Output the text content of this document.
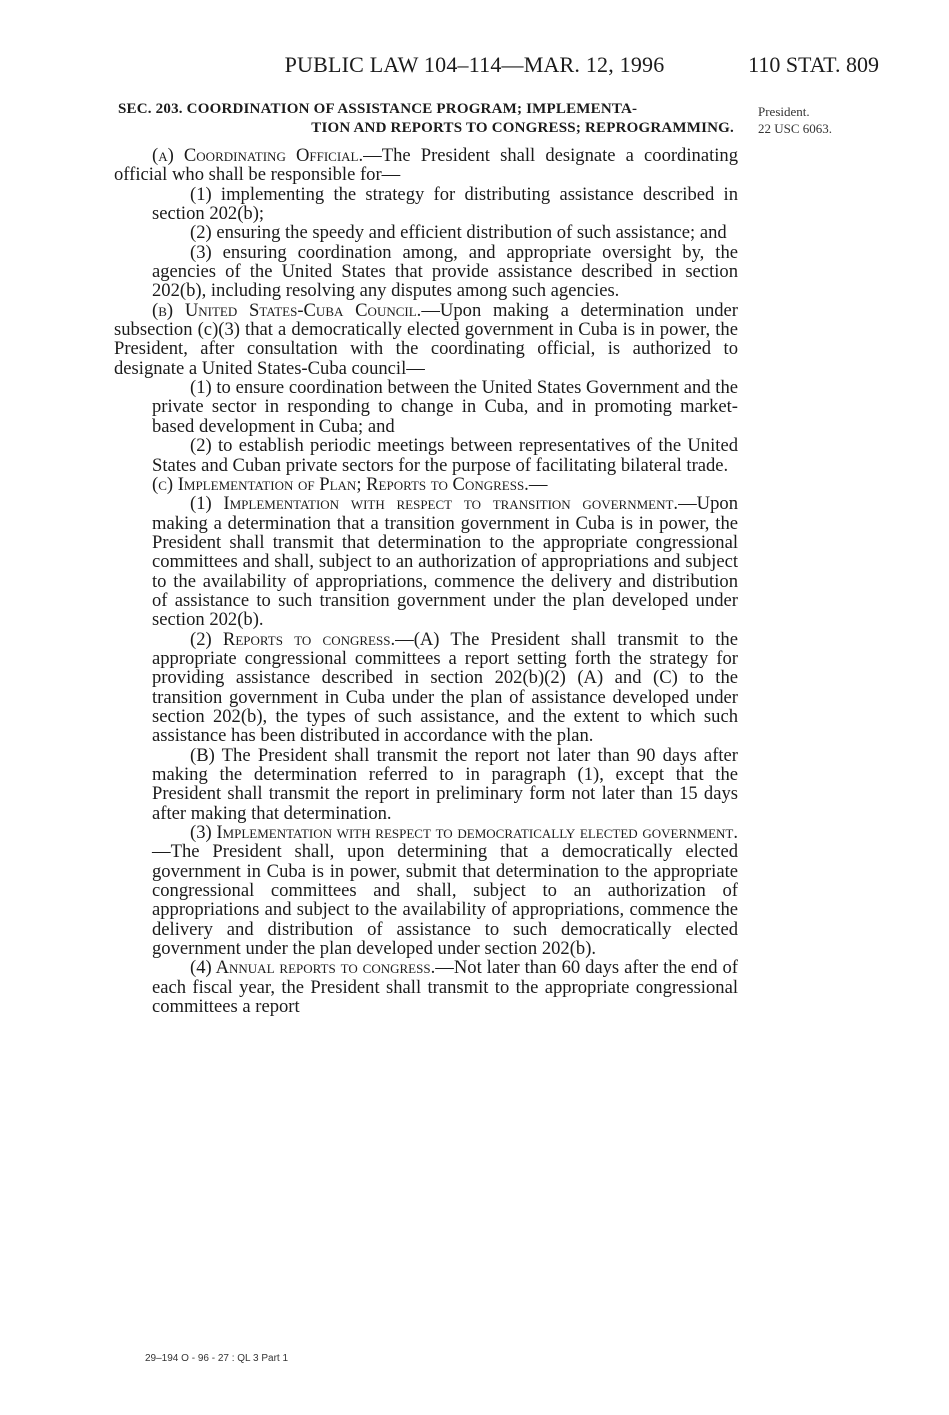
PUBLIC LAW 104–114—MAR. 12, 1996	110 STAT. 809
SEC. 203. COORDINATION OF ASSISTANCE PROGRAM; IMPLEMENTA-
TION AND REPORTS TO CONGRESS; REPROGRAMMING.
President.
22 USC 6063.

(a) Coordinating Official.—The President shall designate a coordinating official who shall be responsible for—

(1) implementing the strategy for distributing assistance described in section 202(b);

(2) ensuring the speedy and efficient distribution of such assistance; and

(3) ensuring coordination among, and appropriate oversight by, the agencies of the United States that provide assistance described in section 202(b), including resolving any disputes among such agencies.

(b) United States-Cuba Council.—Upon making a determination under subsection (c)(3) that a democratically elected government in Cuba is in power, the President, after consultation with the coordinating official, is authorized to designate a United States-Cuba council—

(1) to ensure coordination between the United States Government and the private sector in responding to change in Cuba, and in promoting market-based development in Cuba; and

(2) to establish periodic meetings between representatives of the United States and Cuban private sectors for the purpose of facilitating bilateral trade.

(c) Implementation of Plan; Reports to Congress.—

(1) Implementation with respect to transition government.—Upon making a determination that a transition government in Cuba is in power, the President shall transmit that determination to the appropriate congressional committees and shall, subject to an authorization of appropriations and subject to the availability of appropriations, commence the delivery and distribution of assistance to such transition government under the plan developed under section 202(b).

(2) Reports to congress.—(A) The President shall transmit to the appropriate congressional committees a report setting forth the strategy for providing assistance described in section 202(b)(2) (A) and (C) to the transition government in Cuba under the plan of assistance developed under section 202(b), the types of such assistance, and the extent to which such assistance has been distributed in accordance with the plan.

(B) The President shall transmit the report not later than 90 days after making the determination referred to in paragraph (1), except that the President shall transmit the report in preliminary form not later than 15 days after making that determination.

(3) Implementation with respect to democratically elected government.—The President shall, upon determining that a democratically elected government in Cuba is in power, submit that determination to the appropriate congressional committees and shall, subject to an authorization of appropriations and subject to the availability of appropriations, commence the delivery and distribution of assistance to such democratically elected government under the plan developed under section 202(b).

(4) Annual reports to congress.—Not later than 60 days after the end of each fiscal year, the President shall transmit to the appropriate congressional committees a report

29–194 O - 96 - 27 : QL 3 Part 1
